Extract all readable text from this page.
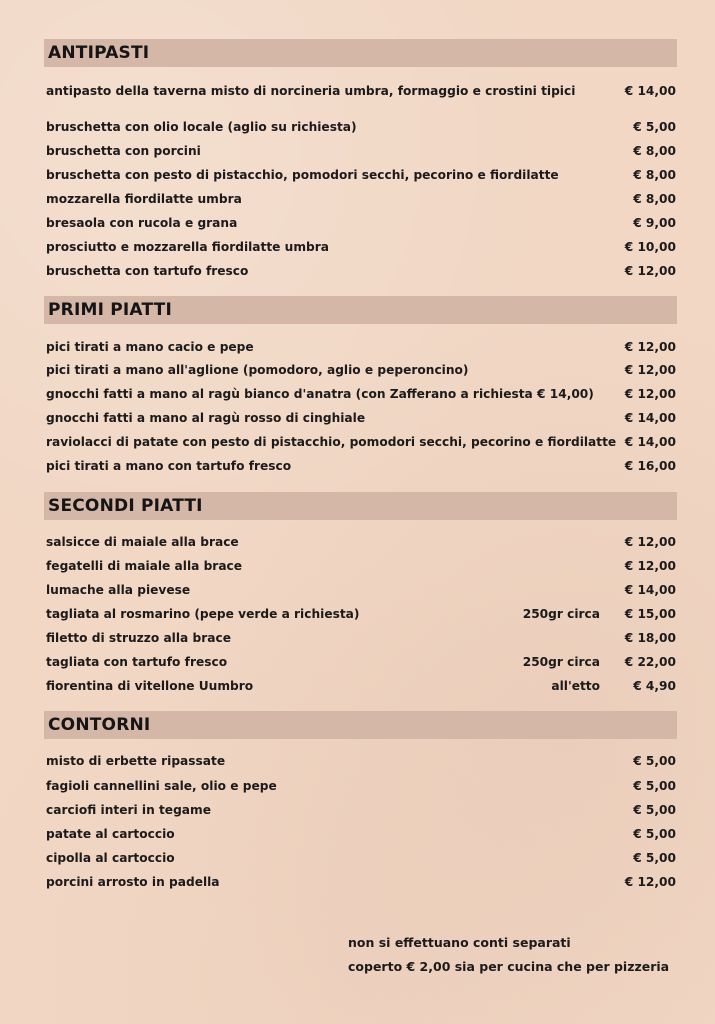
ANTIPASTI
antipasto della taverna misto di norcineria umbra, formaggio e crostini tipici	€ 14,00
bruschetta con olio locale (aglio su richiesta)	€ 5,00
bruschetta con porcini	€ 8,00
bruschetta con pesto di pistacchio, pomodori secchi, pecorino e fiordilatte	€ 8,00
mozzarella fiordilatte umbra	€ 8,00
bresaola con rucola e grana	€ 9,00
prosciutto e mozzarella fiordilatte umbra	€ 10,00
bruschetta con tartufo fresco	€ 12,00
PRIMI PIATTI
pici tirati a mano cacio e pepe	€ 12,00
pici tirati a mano all'aglione (pomodoro, aglio e peperoncino)	€ 12,00
gnocchi fatti a mano al ragù bianco d'anatra (con Zafferano a richiesta € 14,00)	€ 12,00
gnocchi fatti a mano al ragù rosso di cinghiale	€ 14,00
raviolacci di patate con pesto di pistacchio, pomodori secchi, pecorino e fiordilatte € 14,00
pici tirati a mano con tartufo fresco	€ 16,00
SECONDI PIATTI
salsicce di maiale alla brace	€ 12,00
fegatelli di maiale alla brace	€ 12,00
lumache alla pievese	€ 14,00
tagliata al rosmarino (pepe verde a richiesta)	250gr circa € 15,00
filetto di struzzo alla brace	€ 18,00
tagliata con tartufo fresco	250gr circa € 22,00
fiorentina di vitellone Uumbro	all'etto	€ 4,90
CONTORNI
misto di erbette ripassate	€ 5,00
fagioli cannellini sale, olio e pepe	€ 5,00
carciofi interi in tegame	€ 5,00
patate al cartoccio	€ 5,00
cipolla al cartoccio	€ 5,00
porcini arrosto in padella	€ 12,00
non si effettuano conti separati
coperto € 2,00 sia per cucina che per pizzeria
